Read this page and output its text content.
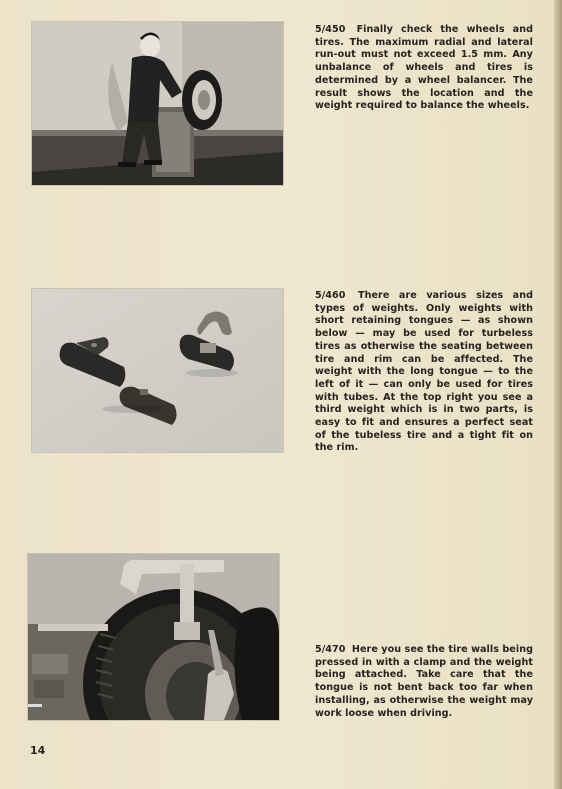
5/450 Finally check the wheels and tires. The maximum radial and lateral run-out must not exceed 1.5 mm. Any unbalance of wheels and tires is determined by a wheel balancer. The result shows the location and the weight required to balance the wheels.
5/460 There are various sizes and types of weights. Only weights with short retaining tongues — as shown below — may be used for turbeless tires as otherwise the seating between tire and rim can be affected. The weight with the long tongue — to the left of it — can only be used for tires with tubes. At the top right you see a third weight which is in two parts, is easy to fit and ensures a perfect seat of the tubeless tire and a tight fit on the rim.
5/470 Here you see the tire walls being pressed in with a clamp and the weight being attached. Take care that the tongue is not bent back too far when installing, as otherwise the weight may work loose when driving.
14
